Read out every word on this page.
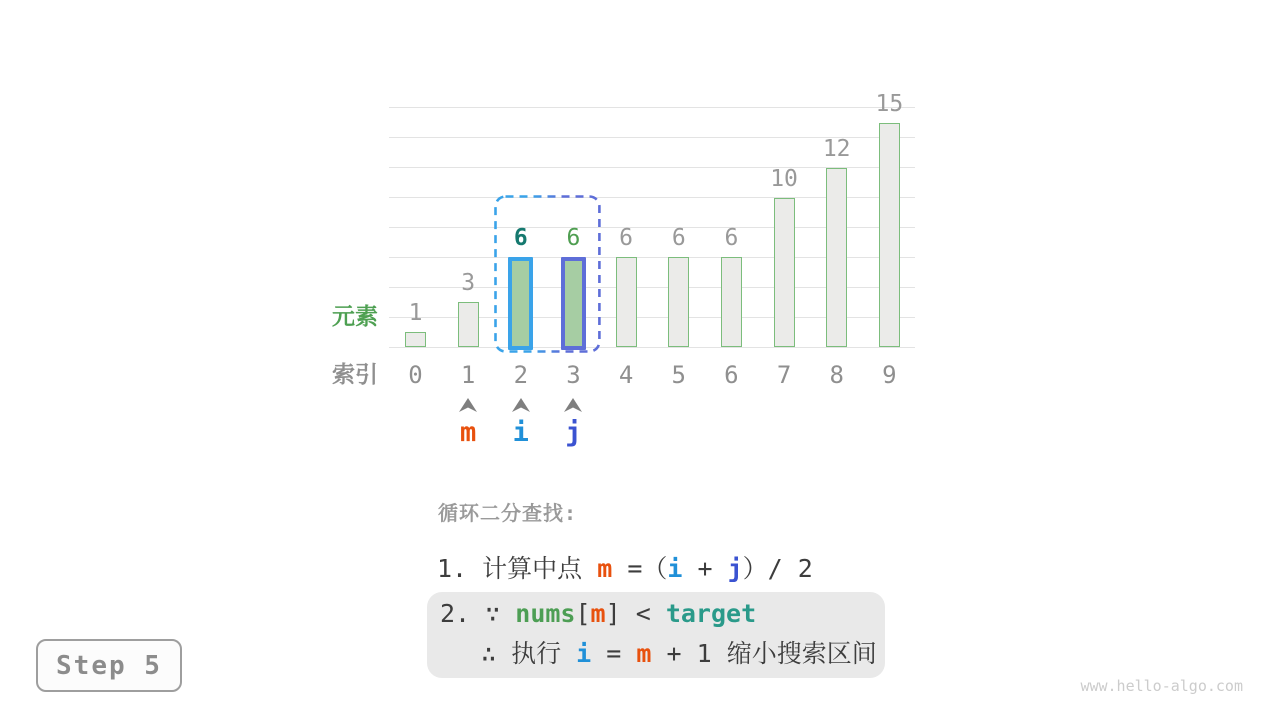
1
0
3
1
6
2
6
3
6
4
6
5
6
6
10
7
12
8
15
9
m	i	j
元素
索引
循环二分查找:
1. 计算中点 m =（i + j）/ 2
2. ∵ nums[m] < target
∴ 执行 i = m + 1 缩小搜索区间
Step 5
www.hello-algo.com
